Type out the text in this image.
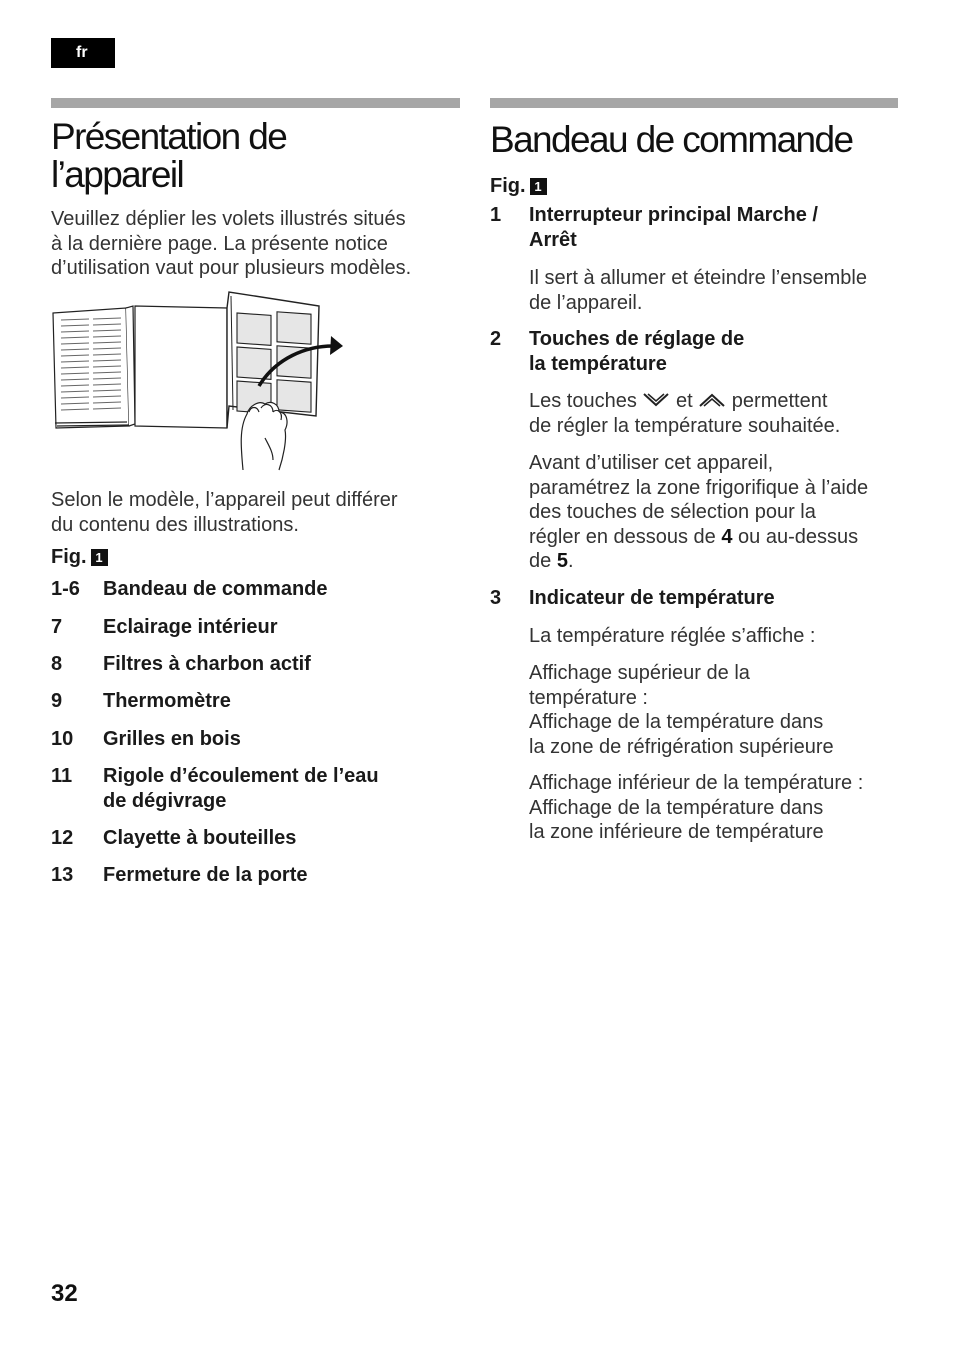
fr
Présentation de
l’appareil

Veuillez déplier les volets illustrés situés
à la dernière page. La présente notice
d’utilisation vaut pour plusieurs modèles.

Selon le modèle, l’appareil peut différer
du contenu des illustrations.

Fig. 1
1-6 Bandeau de commande
7 Eclairage intérieur
8 Filtres à charbon actif
9 Thermomètre
10 Grilles en bois
11 Rigole d’écoulement de l’eau
de dégivrage
12 Clayette à bouteilles
13 Fermeture de la porte
Bandeau de commande
Fig. 1
1 Interrupteur principal Marche /
Arrêt

Il sert à allumer et éteindre l’ensemble
de l’appareil.

2 Touches de réglage de
la température

Les touches et permettent
de régler la température souhaitée.

Avant d’utiliser cet appareil,
paramétrez la zone frigorifique à l’aide
des touches de sélection pour la
régler en dessous de 4 ou au-dessus
de 5.

3 Indicateur de température

La température réglée s’affiche :

Affichage supérieur de la
température :
Affichage de la température dans
la zone de réfrigération supérieure

Affichage inférieur de la température :
Affichage de la température dans
la zone inférieure de température

32
